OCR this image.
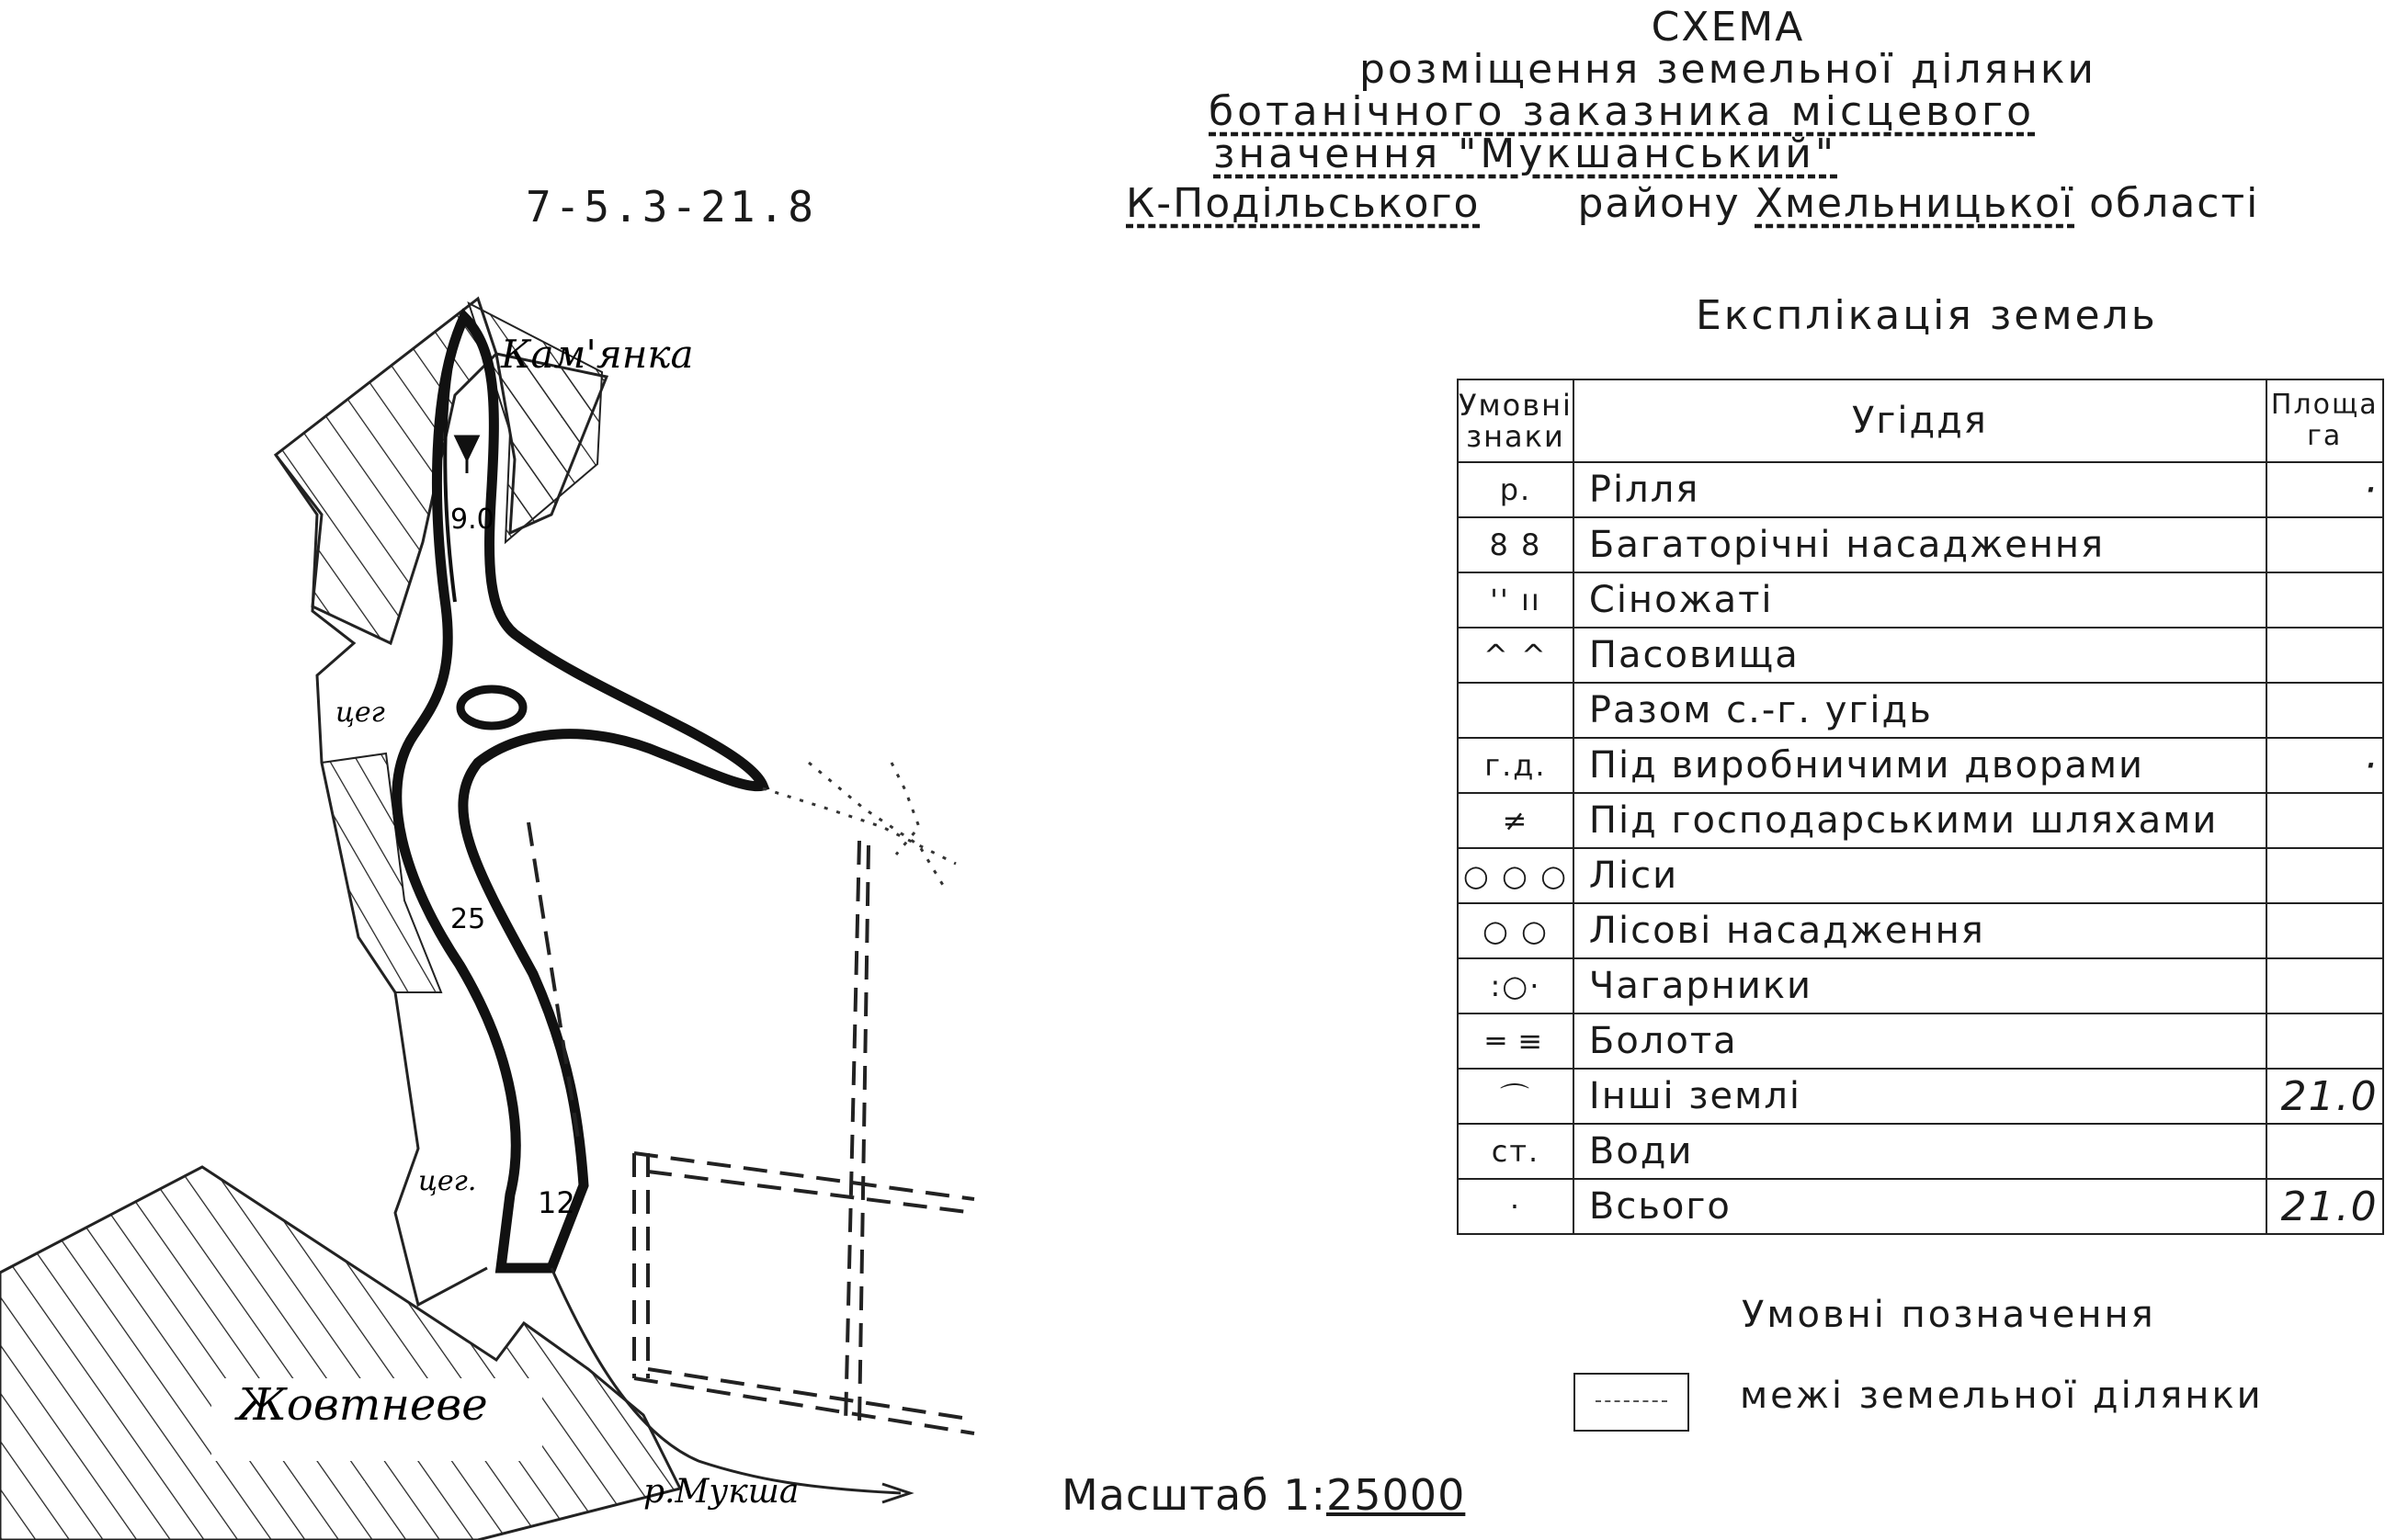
Кам'янка
Жовтневе
р.Мукша
9.0
25
12
цег
цег.
СХЕМА
розміщення земельної ділянки
ботанічного заказника місцевого
значення "Мукшанський"
7-5.3-21.8	К-Подільського району Хмельницької області
Експлікація земель
Умовні знаки	Угіддя	Площа га
р.	Рілля	·
8 8	Багаторічні насадження	
'' ıı	Сіножаті	
^ ^	Пасовища	
	Разом с.-г. угідь	
г.д.	Під виробничими дворами	·
≠	Під господарськими шляхами	
○ ○ ○	Ліси	
○ ○	Лісові насадження	
:○·	Чагарники	
═ ≡	Болота	
⌒	Інші землі	21.0
ст.	Води	
·	Всього	21.0
Умовні позначення
межі земельної ділянки
Масштаб 1:25000
